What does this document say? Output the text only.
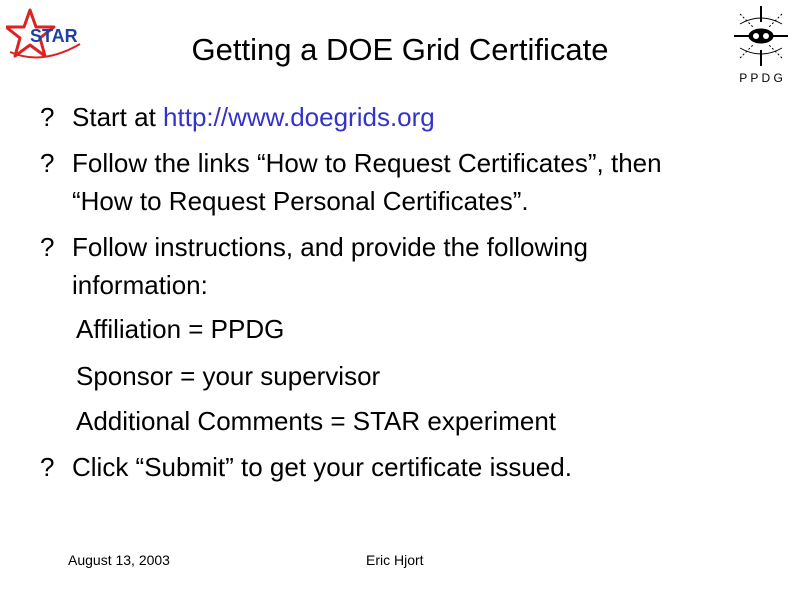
STAR
P P D G
Getting a DOE Grid Certificate
? Start at http://www.doegrids.org
? Follow the links “How to Request Certificates”, then
“How to Request Personal Certificates”.
? Follow instructions, and provide the following
information:
Affiliation = PPDG
Sponsor = your supervisor
Additional Comments = STAR experiment
? Click “Submit” to get your certificate issued.
August 13, 2003	Eric Hjort
